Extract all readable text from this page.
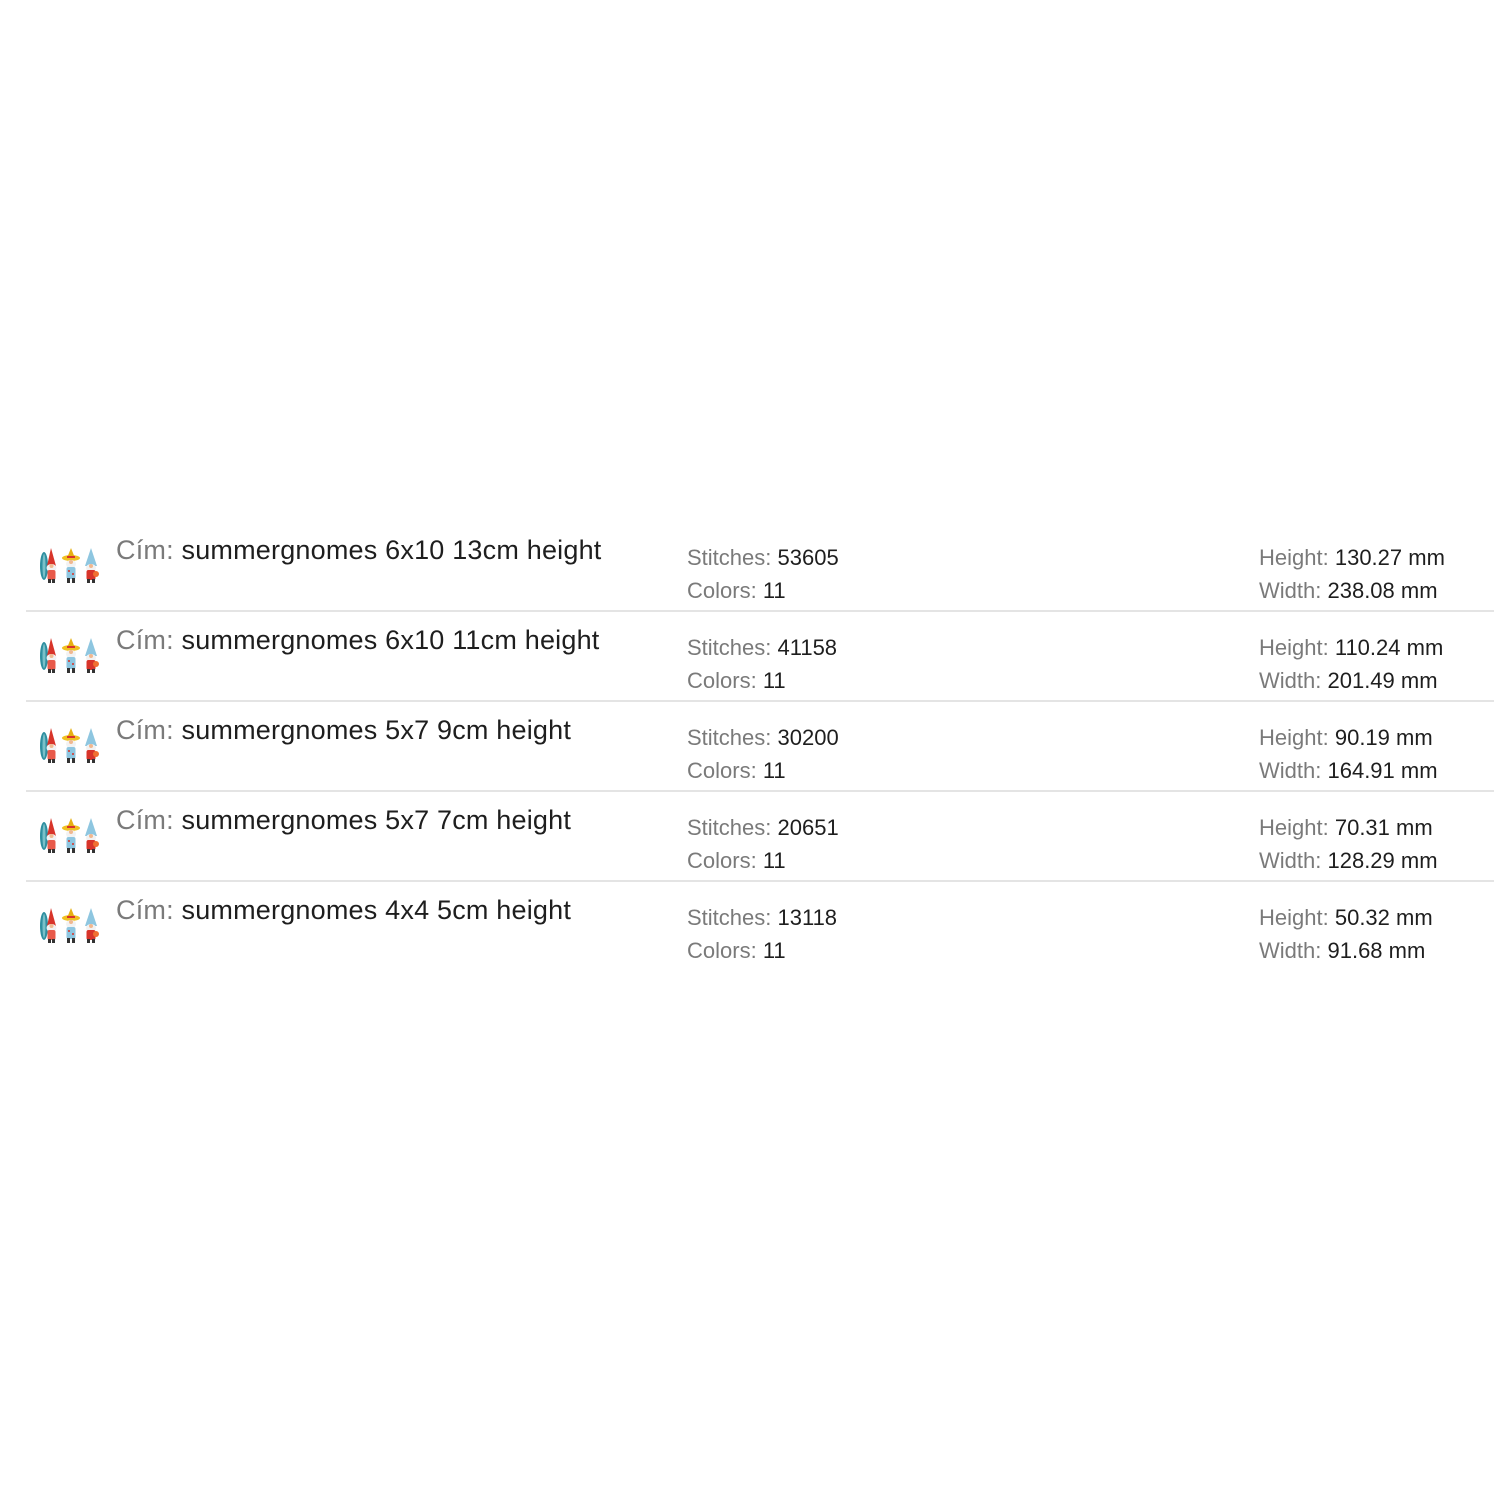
Cím: summergnomes 6x10 13cm height	Stitches: 53605
Colors: 11
Height: 130.27 mm
Width: 238.08 mm
Cím: summergnomes 6x10 11cm height	Stitches: 41158
Colors: 11
Height: 110.24 mm
Width: 201.49 mm
Cím: summergnomes 5x7 9cm height	Stitches: 30200
Colors: 11
Height: 90.19 mm
Width: 164.91 mm
Cím: summergnomes 5x7 7cm height	Stitches: 20651
Colors: 11
Height: 70.31 mm
Width: 128.29 mm
Cím: summergnomes 4x4 5cm height	Stitches: 13118
Colors: 11
Height: 50.32 mm
Width: 91.68 mm
